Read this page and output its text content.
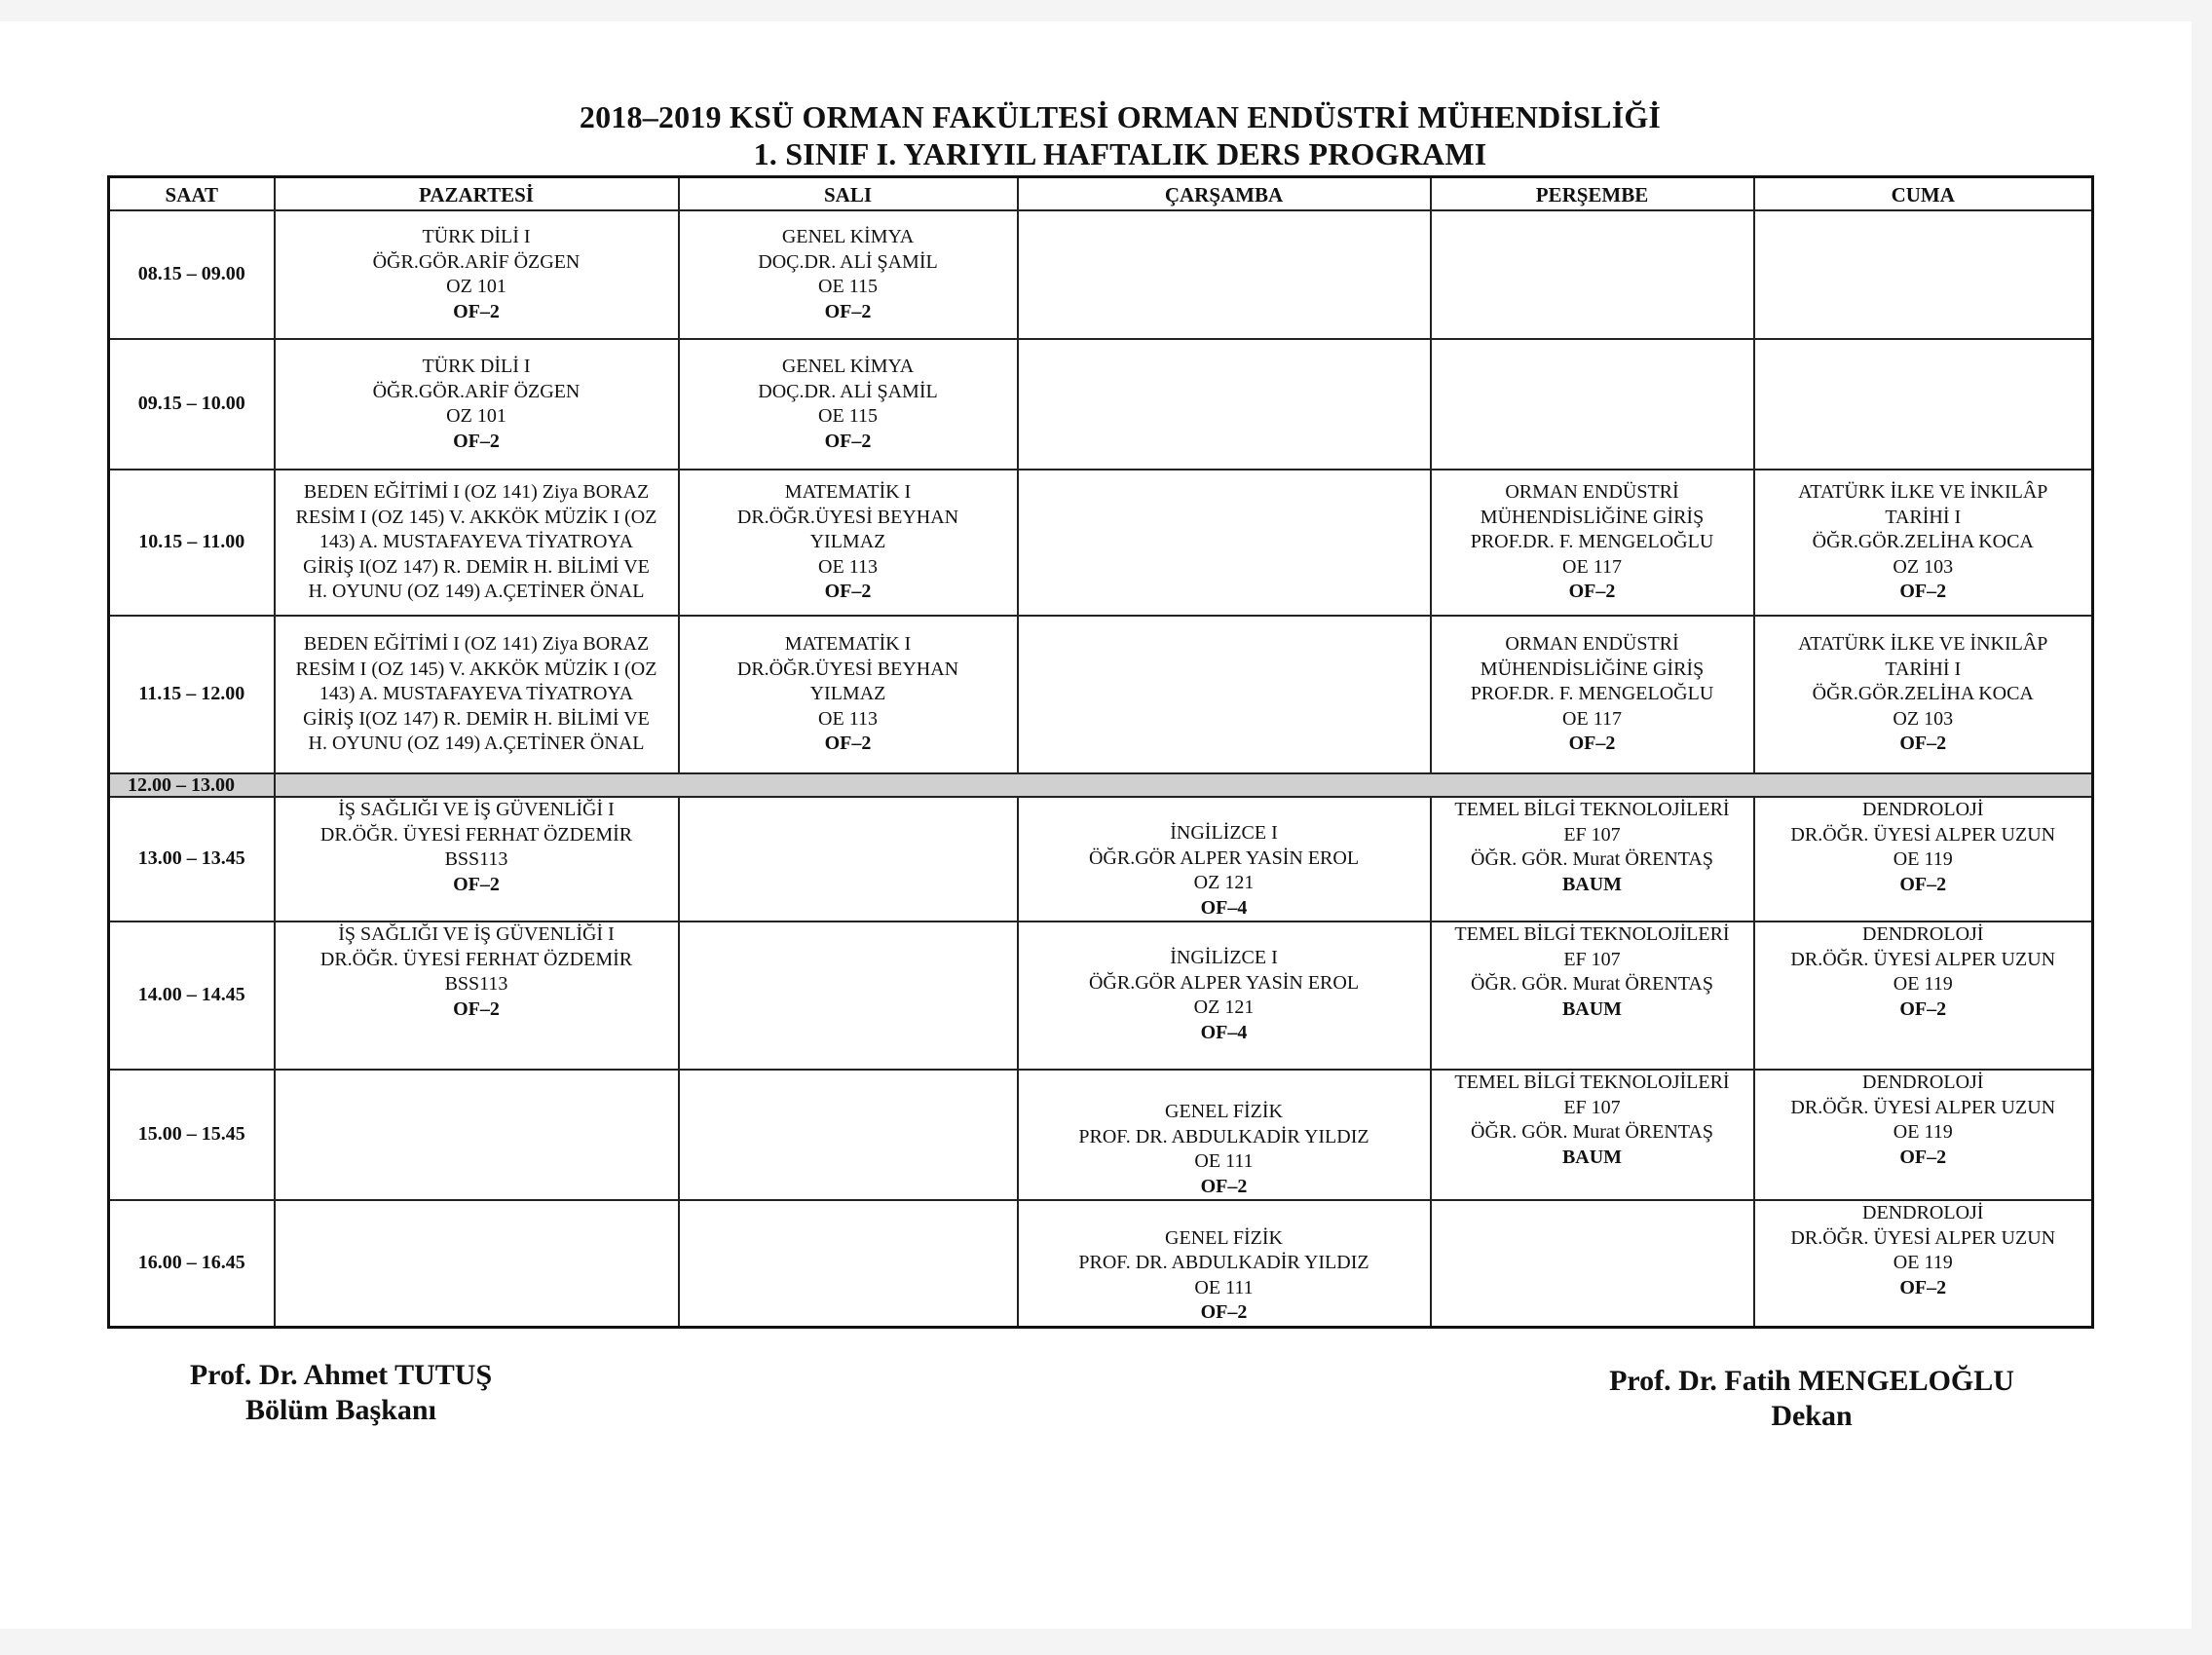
2018–2019 KSÜ ORMAN FAKÜLTESİ ORMAN ENDÜSTRİ MÜHENDİSLİĞİ
1. SINIF I. YARIYIL HAFTALIK DERS PROGRAMI
SAAT	PAZARTESİ	SALI	ÇARŞAMBA	PERŞEMBE	CUMA
08.15 – 09.00	TÜRK DİLİ I
ÖĞR.GÖR.ARİF ÖZGEN
OZ 101
OF–2	GENEL KİMYA
DOÇ.DR. ALİ ŞAMİL
OE 115
OF–2			

09.15 – 10.00	TÜRK DİLİ I
ÖĞR.GÖR.ARİF ÖZGEN
OZ 101
OF–2	GENEL KİMYA
DOÇ.DR. ALİ ŞAMİL
OE 115
OF–2			

10.15 – 11.00	BEDEN EĞİTİMİ I (OZ 141) Ziya BORAZ
RESİM I (OZ 145) V. AKKÖK MÜZİK I (OZ
143) A. MUSTAFAYEVA TİYATROYA
GİRİŞ I(OZ 147) R. DEMİR H. BİLİMİ VE
H. OYUNU (OZ 149) A.ÇETİNER ÖNAL	MATEMATİK I
DR.ÖĞR.ÜYESİ BEYHAN
YILMAZ
OE 113
OF–2		ORMAN ENDÜSTRİ
MÜHENDİSLİĞİNE GİRİŞ
PROF.DR. F. MENGELOĞLU
OE 117
OF–2	ATATÜRK İLKE VE İNKILÂP
TARİHİ I
ÖĞR.GÖR.ZELİHA KOCA
OZ 103
OF–2

11.15 – 12.00	BEDEN EĞİTİMİ I (OZ 141) Ziya BORAZ
RESİM I (OZ 145) V. AKKÖK MÜZİK I (OZ
143) A. MUSTAFAYEVA TİYATROYA
GİRİŞ I(OZ 147) R. DEMİR H. BİLİMİ VE
H. OYUNU (OZ 149) A.ÇETİNER ÖNAL	MATEMATİK I
DR.ÖĞR.ÜYESİ BEYHAN
YILMAZ
OE 113
OF–2		ORMAN ENDÜSTRİ
MÜHENDİSLİĞİNE GİRİŞ
PROF.DR. F. MENGELOĞLU
OE 117
OF–2	ATATÜRK İLKE VE İNKILÂP
TARİHİ I
ÖĞR.GÖR.ZELİHA KOCA
OZ 103
OF–2

12.00 – 13.00					
13.00 – 13.45	İŞ SAĞLIĞI VE İŞ GÜVENLİĞİ I
DR.ÖĞR. ÜYESİ FERHAT ÖZDEMİR
BSS113
OF–2		İNGİLİZCE I
ÖĞR.GÖR ALPER YASİN EROL
OZ 121
OF–4	TEMEL BİLGİ TEKNOLOJİLERİ
EF 107
ÖĞR. GÖR. Murat ÖRENTAŞ
BAUM	DENDROLOJİ
DR.ÖĞR. ÜYESİ ALPER UZUN
OE 119
OF–2

14.00 – 14.45	İŞ SAĞLIĞI VE İŞ GÜVENLİĞİ I
DR.ÖĞR. ÜYESİ FERHAT ÖZDEMİR
BSS113
OF–2		İNGİLİZCE I
ÖĞR.GÖR ALPER YASİN EROL
OZ 121
OF–4	TEMEL BİLGİ TEKNOLOJİLERİ
EF 107
ÖĞR. GÖR. Murat ÖRENTAŞ
BAUM	DENDROLOJİ
DR.ÖĞR. ÜYESİ ALPER UZUN
OE 119
OF–2

15.00 – 15.45			GENEL FİZİK
PROF. DR. ABDULKADİR YILDIZ
OE 111
OF–2	TEMEL BİLGİ TEKNOLOJİLERİ
EF 107
ÖĞR. GÖR. Murat ÖRENTAŞ
BAUM	DENDROLOJİ
DR.ÖĞR. ÜYESİ ALPER UZUN
OE 119
OF–2

16.00 – 16.45			GENEL FİZİK
PROF. DR. ABDULKADİR YILDIZ
OE 111
OF–2		DENDROLOJİ
DR.ÖĞR. ÜYESİ ALPER UZUN
OE 119
OF–2
Prof. Dr. Ahmet TUTUŞ
Bölüm Başkanı
Prof. Dr. Fatih MENGELOĞLU
Dekan
